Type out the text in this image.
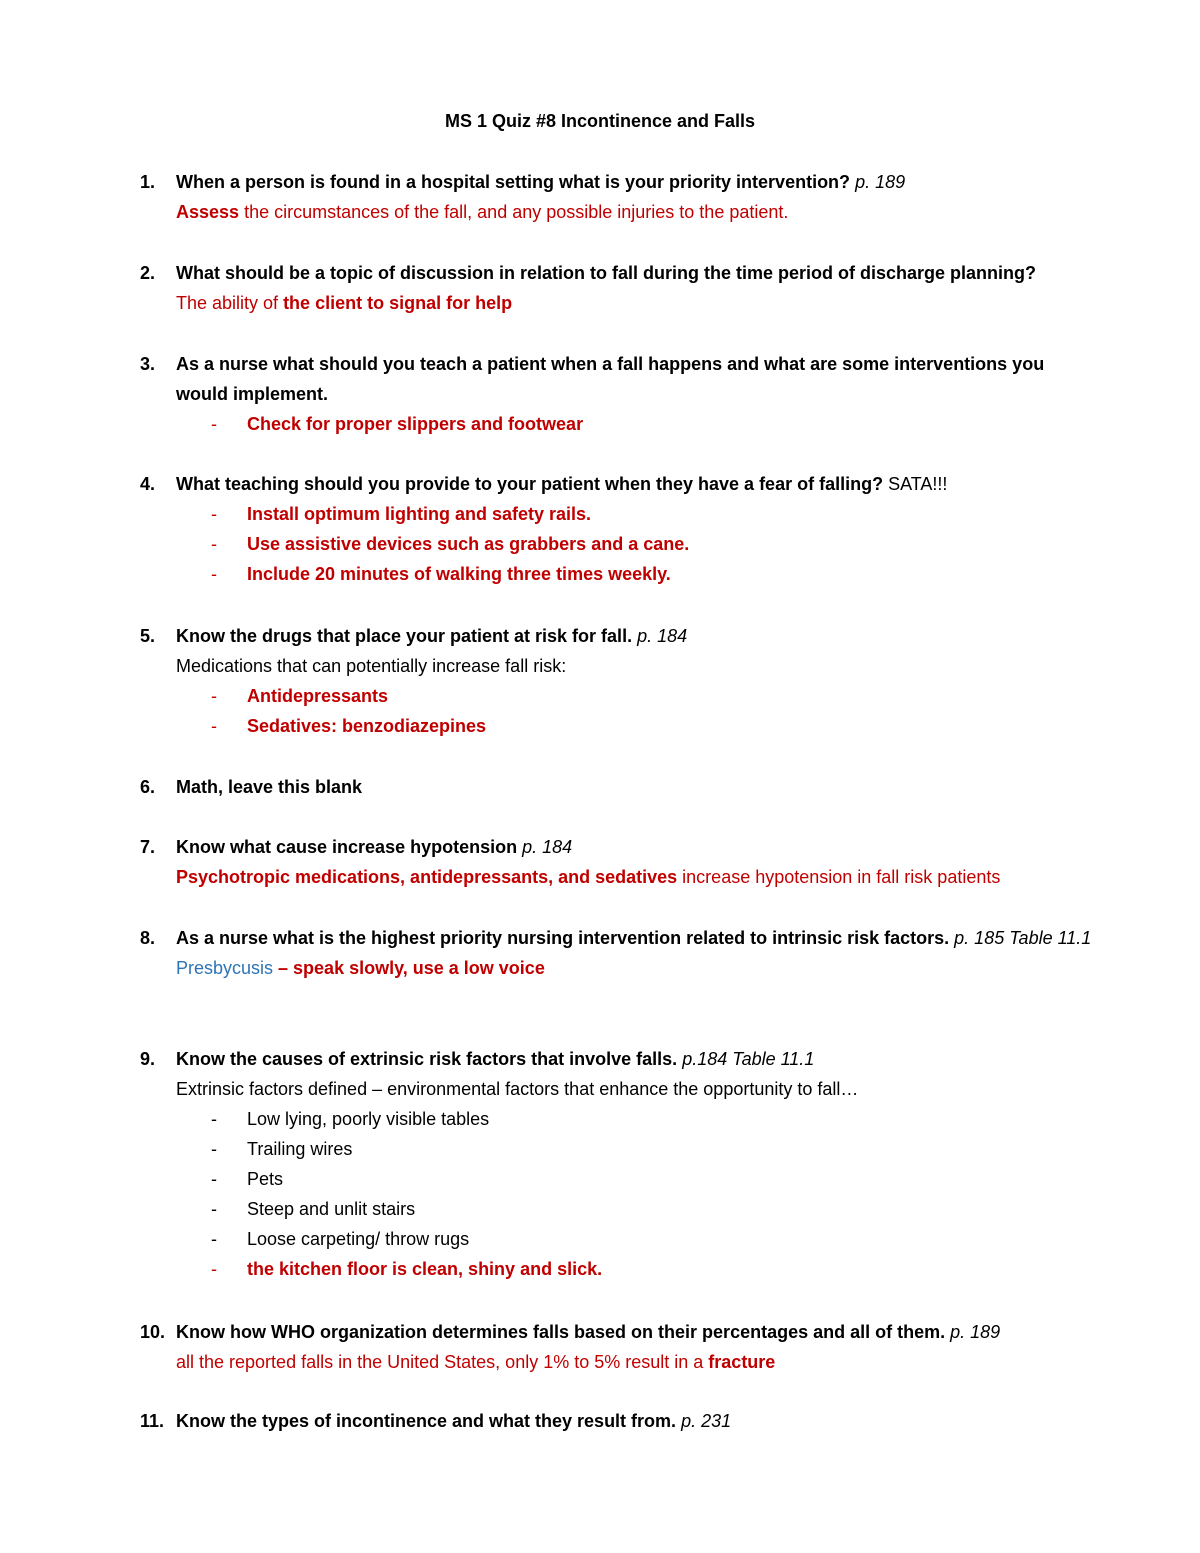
MS 1 Quiz #8 Incontinence and Falls
1. When a person is found in a hospital setting what is your priority intervention? p. 189
Assess the circumstances of the fall, and any possible injuries to the patient.
2. What should be a topic of discussion in relation to fall during the time period of discharge planning?
The ability of the client to signal for help
3. As a nurse what should you teach a patient when a fall happens and what are some interventions you would implement.
- Check for proper slippers and footwear
4. What teaching should you provide to your patient when they have a fear of falling? SATA!!!
- Install optimum lighting and safety rails.
- Use assistive devices such as grabbers and a cane.
- Include 20 minutes of walking three times weekly.
5. Know the drugs that place your patient at risk for fall. p. 184
Medications that can potentially increase fall risk:
- Antidepressants
- Sedatives: benzodiazepines
6. Math, leave this blank
7. Know what cause increase hypotension p. 184
Psychotropic medications, antidepressants, and sedatives increase hypotension in fall risk patients
8. As a nurse what is the highest priority nursing intervention related to intrinsic risk factors. p. 185 Table 11.1
Presbycusis – speak slowly, use a low voice
9. Know the causes of extrinsic risk factors that involve falls. p.184 Table 11.1
Extrinsic factors defined – environmental factors that enhance the opportunity to fall…
- Low lying, poorly visible tables
- Trailing wires
- Pets
- Steep and unlit stairs
- Loose carpeting/ throw rugs
- the kitchen floor is clean, shiny and slick.
10. Know how WHO organization determines falls based on their percentages and all of them. p. 189
all the reported falls in the United States, only 1% to 5% result in a fracture
11. Know the types of incontinence and what they result from. p. 231
